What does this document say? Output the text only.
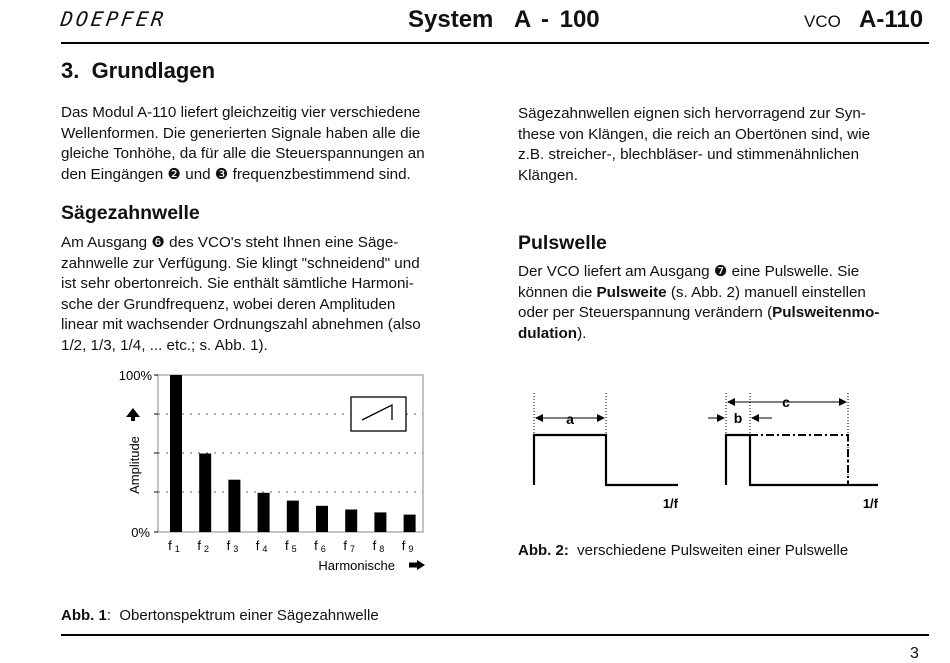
DOEPFER	System  A - 100	VCO A-110
3.  Grundlagen

Das Modul A-110 liefert gleichzeitig vier verschiedene

Wellenformen. Die generierten Signale haben alle die

gleiche Tonhöhe, da für alle die Steuerspannungen an

den Eingängen ❷ und ❸ frequenzbestimmend sind.

Sägezahnwelle

Am Ausgang ❻ des VCO's steht Ihnen eine Säge-

zahnwelle zur Verfügung. Sie klingt "schneidend" und

ist sehr obertonreich. Sie enthält sämtliche Harmoni-

sche der Grundfrequenz, wobei deren Amplituden

linear mit wachsender Ordnungszahl abnehmen (also

1/2, 1/3, 1/4, ... etc.; s. Abb. 1).

Sägezahnwellen eignen sich hervorragend zur Syn-

these von Klängen, die reich an Obertönen sind, wie

z.B. streicher-, blechbläser- und stimmenähnlichen

Klängen.

Pulswelle

Der VCO liefert am Ausgang ❼ eine Pulswelle. Sie

können die Pulsweite (s. Abb. 2) manuell einstellen

oder per Steuerspannung verändern (Pulsweitenmo-

dulation).

100%
0%
Amplitude
f 1 f 2 f 3 f 4 f 5 f 6 f 7 f 8 f 9
Harmonische
a
1/f
b
c
1/f
Abb. 2:  verschiedene Pulsweiten einer Pulswelle
Abb. 1:  Obertonspektrum einer Sägezahnwelle
3
